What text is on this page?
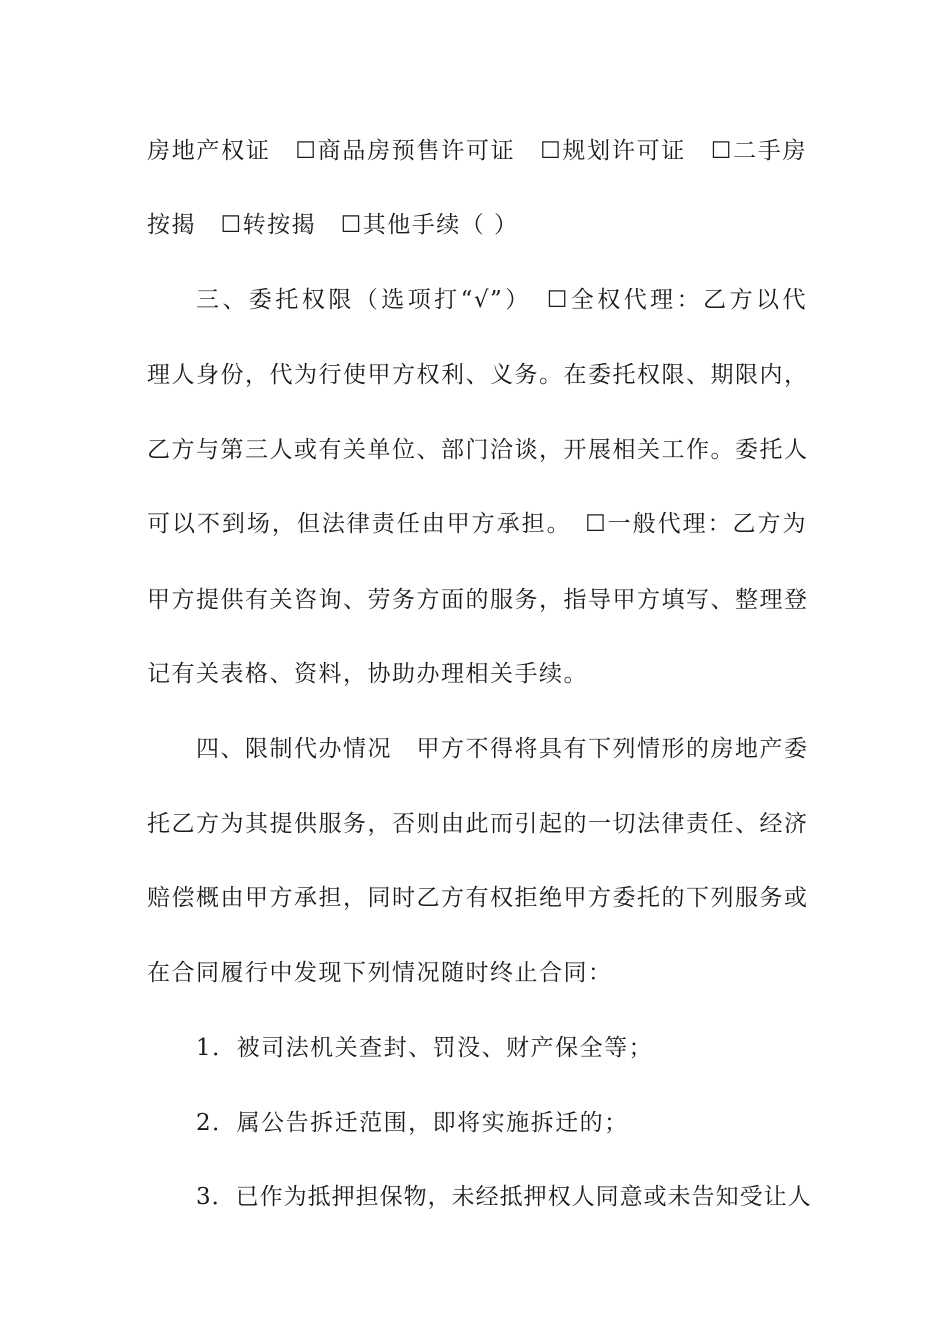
房地产权证　☐商品房预售许可证　☐规划许可证　☐二手房
按揭　☐转按揭　☐其他手续（ ）
三、委托权限（选项打“√”）　☐全权代理：乙方以代
理人身份，代为行使甲方权利、义务。在委托权限、期限内，
乙方与第三人或有关单位、部门洽谈，开展相关工作。委托人
可以不到场，但法律责任由甲方承担。　☐一般代理：乙方为
甲方提供有关咨询、劳务方面的服务，指导甲方填写、整理登
记有关表格、资料，协助办理相关手续。
四、限制代办情况　甲方不得将具有下列情形的房地产委
托乙方为其提供服务，否则由此而引起的一切法律责任、经济
赔偿概由甲方承担，同时乙方有权拒绝甲方委托的下列服务或
在合同履行中发现下列情况随时终止合同：
1．被司法机关查封、罚没、财产保全等；
2．属公告拆迁范围，即将实施拆迁的；
3．已作为抵押担保物，未经抵押权人同意或未告知受让人
